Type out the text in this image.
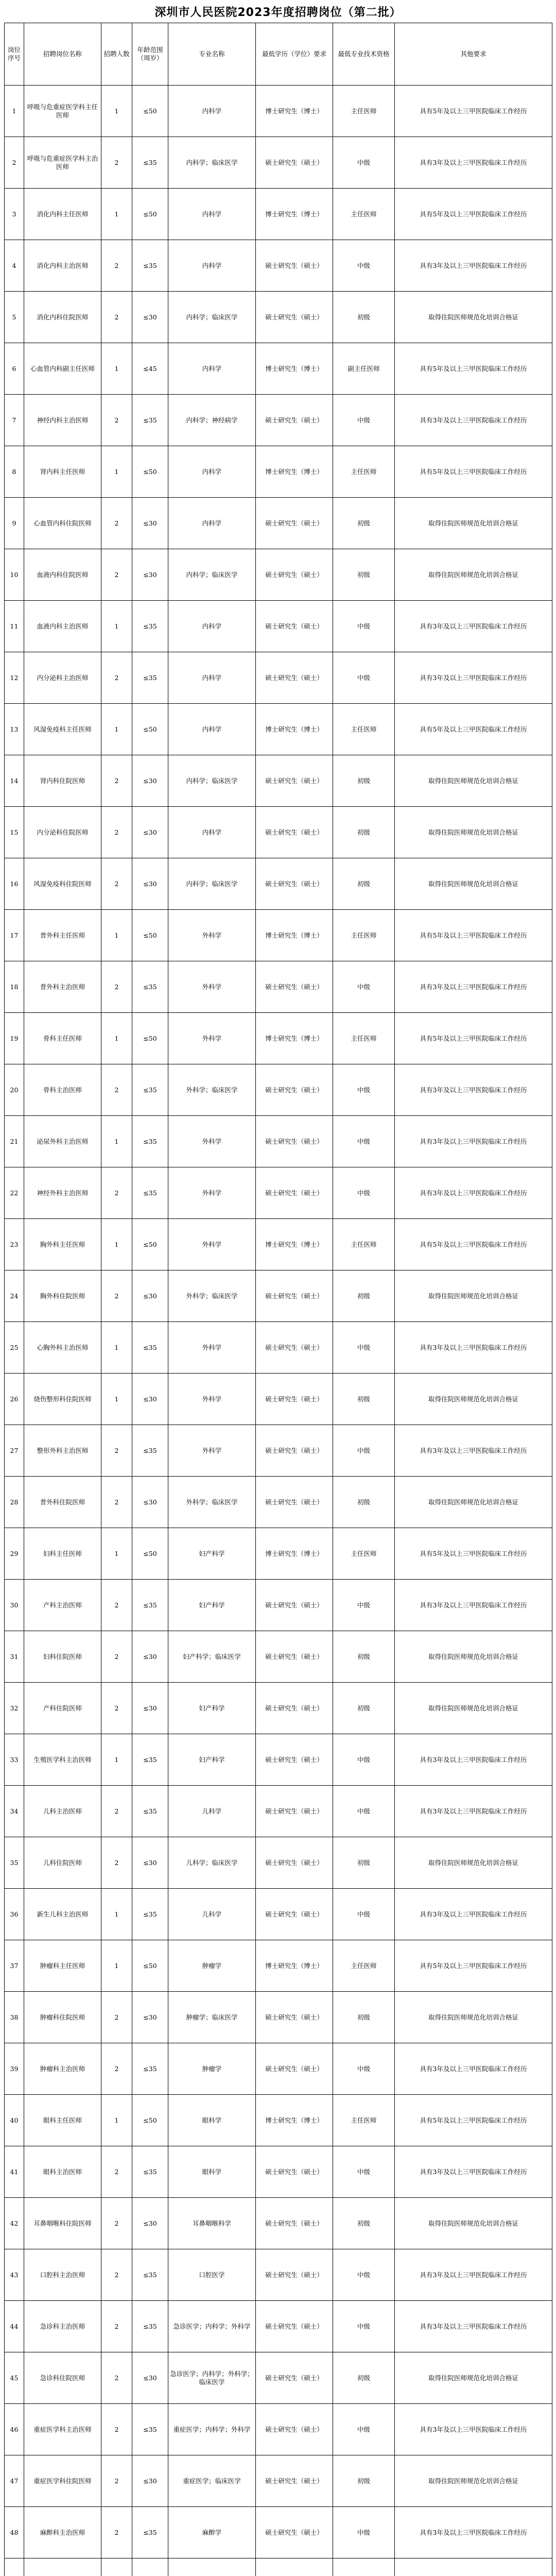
深圳市人民医院2023年度招聘岗位（第二批）
岗位序号	招聘岗位名称	招聘人数	年龄范围（周岁）	专业名称	最低学历（学位）要求	最低专业技术资格	其他要求
1	呼吸与危重症医学科主任医师	1	≤50	内科学	博士研究生（博士）	主任医师	具有5年及以上三甲医院临床工作经历
2	呼吸与危重症医学科主治医师	2	≤35	内科学；临床医学	硕士研究生（硕士）	中级	具有3年及以上三甲医院临床工作经历
3	消化内科主任医师	1	≤50	内科学	博士研究生（博士）	主任医师	具有5年及以上三甲医院临床工作经历
4	消化内科主治医师	2	≤35	内科学	硕士研究生（硕士）	中级	具有3年及以上三甲医院临床工作经历
5	消化内科住院医师	2	≤30	内科学；临床医学	硕士研究生（硕士）	初级	取得住院医师规范化培训合格证
6	心血管内科副主任医师	1	≤45	内科学	博士研究生（博士）	副主任医师	具有5年及以上三甲医院临床工作经历
7	神经内科主治医师	2	≤35	内科学；神经病学	硕士研究生（硕士）	中级	具有3年及以上三甲医院临床工作经历
8	肾内科主任医师	1	≤50	内科学	博士研究生（博士）	主任医师	具有5年及以上三甲医院临床工作经历
9	心血管内科住院医师	2	≤30	内科学	硕士研究生（硕士）	初级	取得住院医师规范化培训合格证
10	血液内科住院医师	2	≤30	内科学；临床医学	硕士研究生（硕士）	初级	取得住院医师规范化培训合格证
11	血液内科主治医师	1	≤35	内科学	硕士研究生（硕士）	中级	具有3年及以上三甲医院临床工作经历
12	内分泌科主治医师	2	≤35	内科学	硕士研究生（硕士）	中级	具有3年及以上三甲医院临床工作经历
13	风湿免疫科主任医师	1	≤50	内科学	博士研究生（博士）	主任医师	具有5年及以上三甲医院临床工作经历
14	肾内科住院医师	2	≤30	内科学；临床医学	硕士研究生（硕士）	初级	取得住院医师规范化培训合格证
15	内分泌科住院医师	2	≤30	内科学	硕士研究生（硕士）	初级	取得住院医师规范化培训合格证
16	风湿免疫科住院医师	2	≤30	内科学；临床医学	硕士研究生（硕士）	初级	取得住院医师规范化培训合格证
17	普外科主任医师	1	≤50	外科学	博士研究生（博士）	主任医师	具有5年及以上三甲医院临床工作经历
18	普外科主治医师	2	≤35	外科学	硕士研究生（硕士）	中级	具有3年及以上三甲医院临床工作经历
19	骨科主任医师	1	≤50	外科学	博士研究生（博士）	主任医师	具有5年及以上三甲医院临床工作经历
20	骨科主治医师	2	≤35	外科学；临床医学	硕士研究生（硕士）	中级	具有3年及以上三甲医院临床工作经历
21	泌尿外科主治医师	1	≤35	外科学	硕士研究生（硕士）	中级	具有3年及以上三甲医院临床工作经历
22	神经外科主治医师	2	≤35	外科学	硕士研究生（硕士）	中级	具有3年及以上三甲医院临床工作经历
23	胸外科主任医师	1	≤50	外科学	博士研究生（博士）	主任医师	具有5年及以上三甲医院临床工作经历
24	胸外科住院医师	2	≤30	外科学；临床医学	硕士研究生（硕士）	初级	取得住院医师规范化培训合格证
25	心胸外科主治医师	1	≤35	外科学	硕士研究生（硕士）	中级	具有3年及以上三甲医院临床工作经历
26	烧伤整形科住院医师	1	≤30	外科学	硕士研究生（硕士）	初级	取得住院医师规范化培训合格证
27	整形外科主治医师	2	≤35	外科学	硕士研究生（硕士）	中级	具有3年及以上三甲医院临床工作经历
28	普外科住院医师	2	≤30	外科学；临床医学	硕士研究生（硕士）	初级	取得住院医师规范化培训合格证
29	妇科主任医师	1	≤50	妇产科学	博士研究生（博士）	主任医师	具有5年及以上三甲医院临床工作经历
30	产科主治医师	2	≤35	妇产科学	硕士研究生（硕士）	中级	具有3年及以上三甲医院临床工作经历
31	妇科住院医师	2	≤30	妇产科学；临床医学	硕士研究生（硕士）	初级	取得住院医师规范化培训合格证
32	产科住院医师	2	≤30	妇产科学	硕士研究生（硕士）	初级	取得住院医师规范化培训合格证
33	生殖医学科主治医师	1	≤35	妇产科学	硕士研究生（硕士）	中级	具有3年及以上三甲医院临床工作经历
34	儿科主治医师	2	≤35	儿科学	硕士研究生（硕士）	中级	具有3年及以上三甲医院临床工作经历
35	儿科住院医师	2	≤30	儿科学；临床医学	硕士研究生（硕士）	初级	取得住院医师规范化培训合格证
36	新生儿科主治医师	1	≤35	儿科学	硕士研究生（硕士）	中级	具有3年及以上三甲医院临床工作经历
37	肿瘤科主任医师	1	≤50	肿瘤学	博士研究生（博士）	主任医师	具有5年及以上三甲医院临床工作经历
38	肿瘤科住院医师	2	≤30	肿瘤学；临床医学	硕士研究生（硕士）	初级	取得住院医师规范化培训合格证
39	肿瘤科主治医师	2	≤35	肿瘤学	硕士研究生（硕士）	中级	具有3年及以上三甲医院临床工作经历
40	眼科主任医师	1	≤50	眼科学	博士研究生（博士）	主任医师	具有5年及以上三甲医院临床工作经历
41	眼科主治医师	2	≤35	眼科学	硕士研究生（硕士）	中级	具有3年及以上三甲医院临床工作经历
42	耳鼻咽喉科住院医师	2	≤30	耳鼻咽喉科学	硕士研究生（硕士）	初级	取得住院医师规范化培训合格证
43	口腔科主治医师	2	≤35	口腔医学	硕士研究生（硕士）	中级	具有3年及以上三甲医院临床工作经历
44	急诊科主治医师	2	≤35	急诊医学；内科学；外科学	硕士研究生（硕士）	中级	具有3年及以上三甲医院临床工作经历
45	急诊科住院医师	2	≤30	急诊医学；内科学；外科学；临床医学	硕士研究生（硕士）	初级	取得住院医师规范化培训合格证
46	重症医学科主治医师	2	≤35	重症医学；内科学；外科学	硕士研究生（硕士）	中级	具有3年及以上三甲医院临床工作经历
47	重症医学科住院医师	2	≤30	重症医学；临床医学	硕士研究生（硕士）	初级	取得住院医师规范化培训合格证
48	麻醉科主治医师	2	≤35	麻醉学	硕士研究生（硕士）	中级	具有3年及以上三甲医院临床工作经历
